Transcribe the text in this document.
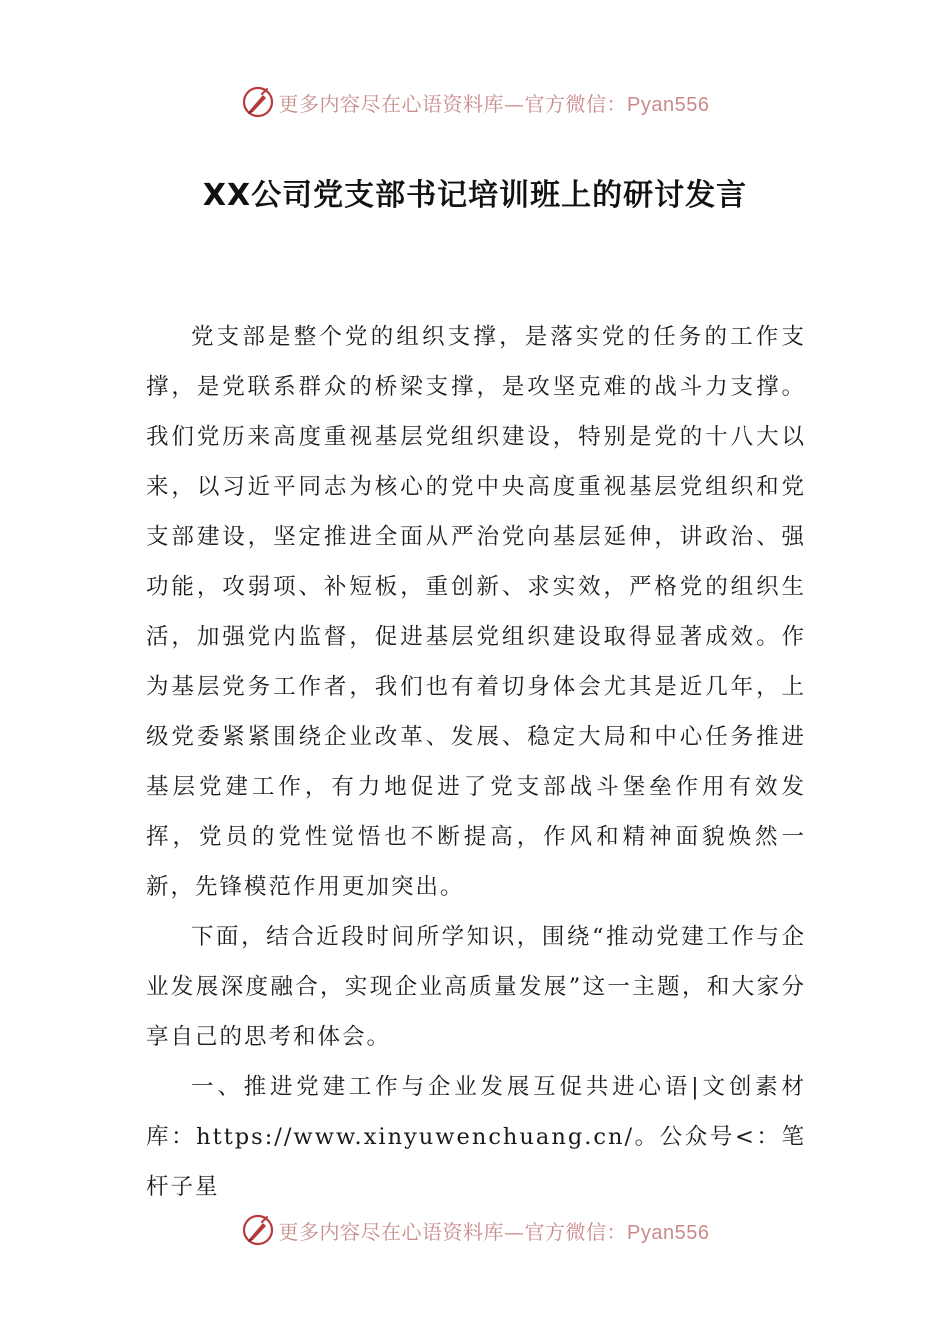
更多内容尽在心语资料库—官方微信：Pyan556
XX公司党支部书记培训班上的研讨发言

党支部是整个党的组织支撑，是落实党的任务的工作支撑，是党联系群众的桥梁支撑，是攻坚克难的战斗力支撑。我们党历来高度重视基层党组织建设，特别是党的十八大以来，以习近平同志为核心的党中央高度重视基层党组织和党支部建设，坚定推进全面从严治党向基层延伸，讲政治、强功能，攻弱项、补短板，重创新、求实效，严格党的组织生活，加强党内监督，促进基层党组织建设取得显著成效。作为基层党务工作者，我们也有着切身体会尤其是近几年，上级党委紧紧围绕企业改革、发展、稳定大局和中心任务推进基层党建工作，有力地促进了党支部战斗堡垒作用有效发挥，党员的党性觉悟也不断提高，作风和精神面貌焕然一新，先锋模范作用更加突出。

下面，结合近段时间所学知识，围绕“推动党建工作与企业发展深度融合，实现企业高质量发展”这一主题，和大家分享自己的思考和体会。

一、推进党建工作与企业发展互促共进心语|文创素材库：https://www.xinyuwenchuang.cn/。公众号<：笔杆子星

更多内容尽在心语资料库—官方微信：Pyan556
